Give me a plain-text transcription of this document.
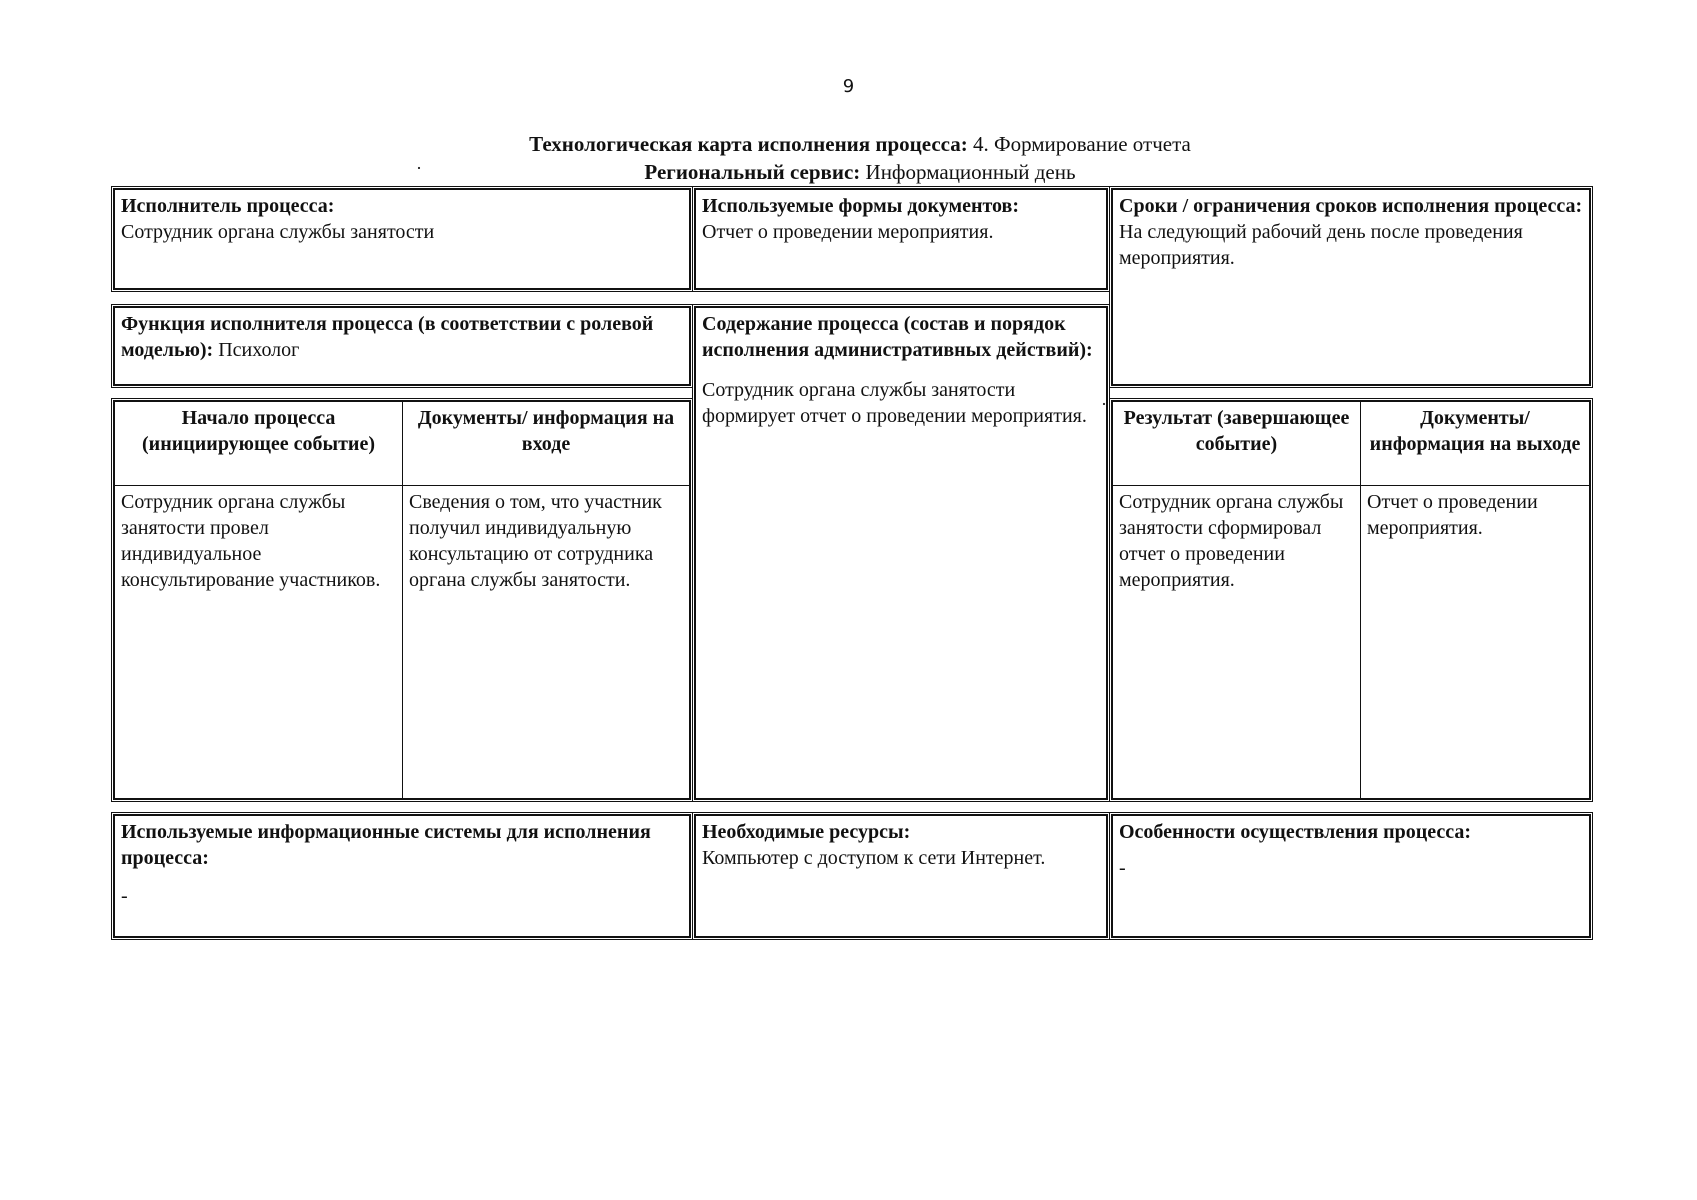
9
Технологическая карта исполнения процесса: 4. Формирование отчета
Региональный сервис: Информационный день
·
·
Исполнитель процесса:
Сотрудник органа службы занятости
Используемые формы документов:
Отчет о проведении мероприятия.
Сроки / ограничения сроков исполнения процесса:
На следующий рабочий день после проведения мероприятия.
Функция исполнителя процесса (в соответствии с ролевой моделью): Психолог
Содержание процесса (состав и порядок исполнения административных действий):
Сотрудник органа службы занятости формирует отчет о проведении мероприятия.
Начало процесса (инициирующее событие)
Документы/ информация на входе
Сотрудник органа службы занятости провел индивидуальное консультирование участников.
Сведения о том, что участник получил индивидуальную консультацию от сотрудника органа службы занятости.
Результат (завершающее событие)
Документы/ информация на выходе
Сотрудник органа службы занятости сформировал отчет о проведении мероприятия.
Отчет о проведении мероприятия.
Используемые информационные системы для исполнения процесса:
-
Необходимые ресурсы:
Компьютер с доступом к сети Интернет.
Особенности осуществления процесса:
-
